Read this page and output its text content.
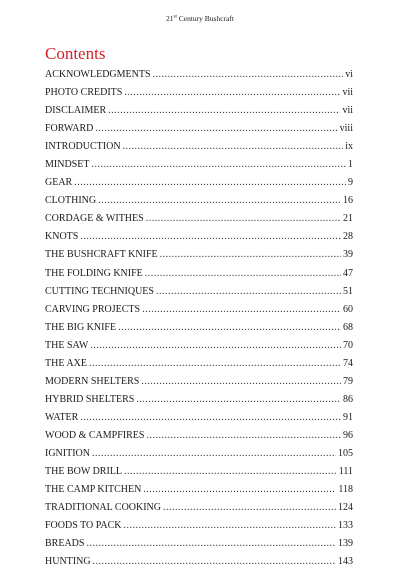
21st Century Bushcraft
Contents
ACKNOWLEDGMENTS .....	vi
PHOTO CREDITS .....	vii
DISCLAIMER .....	vii
FORWARD .....	viii
INTRODUCTION .....	ix
MINDSET .....	1
GEAR .....	9
CLOTHING .....	16
CORDAGE & WITHES .....	21
KNOTS .....	28
THE BUSHCRAFT KNIFE .....	39
THE FOLDING KNIFE .....	47
CUTTING TECHNIQUES .....	51
CARVING PROJECTS .....	60
THE BIG KNIFE .....	68
THE SAW .....	70
THE AXE .....	74
MODERN SHELTERS .....	79
HYBRID SHELTERS .....	86
WATER .....	91
WOOD & CAMPFIRES .....	96
IGNITION .....	105
THE BOW DRILL .....	111
THE CAMP KITCHEN .....	118
TRADITIONAL COOKING .....	124
FOODS TO PACK .....	133
BREADS .....	139
HUNTING .....	143
